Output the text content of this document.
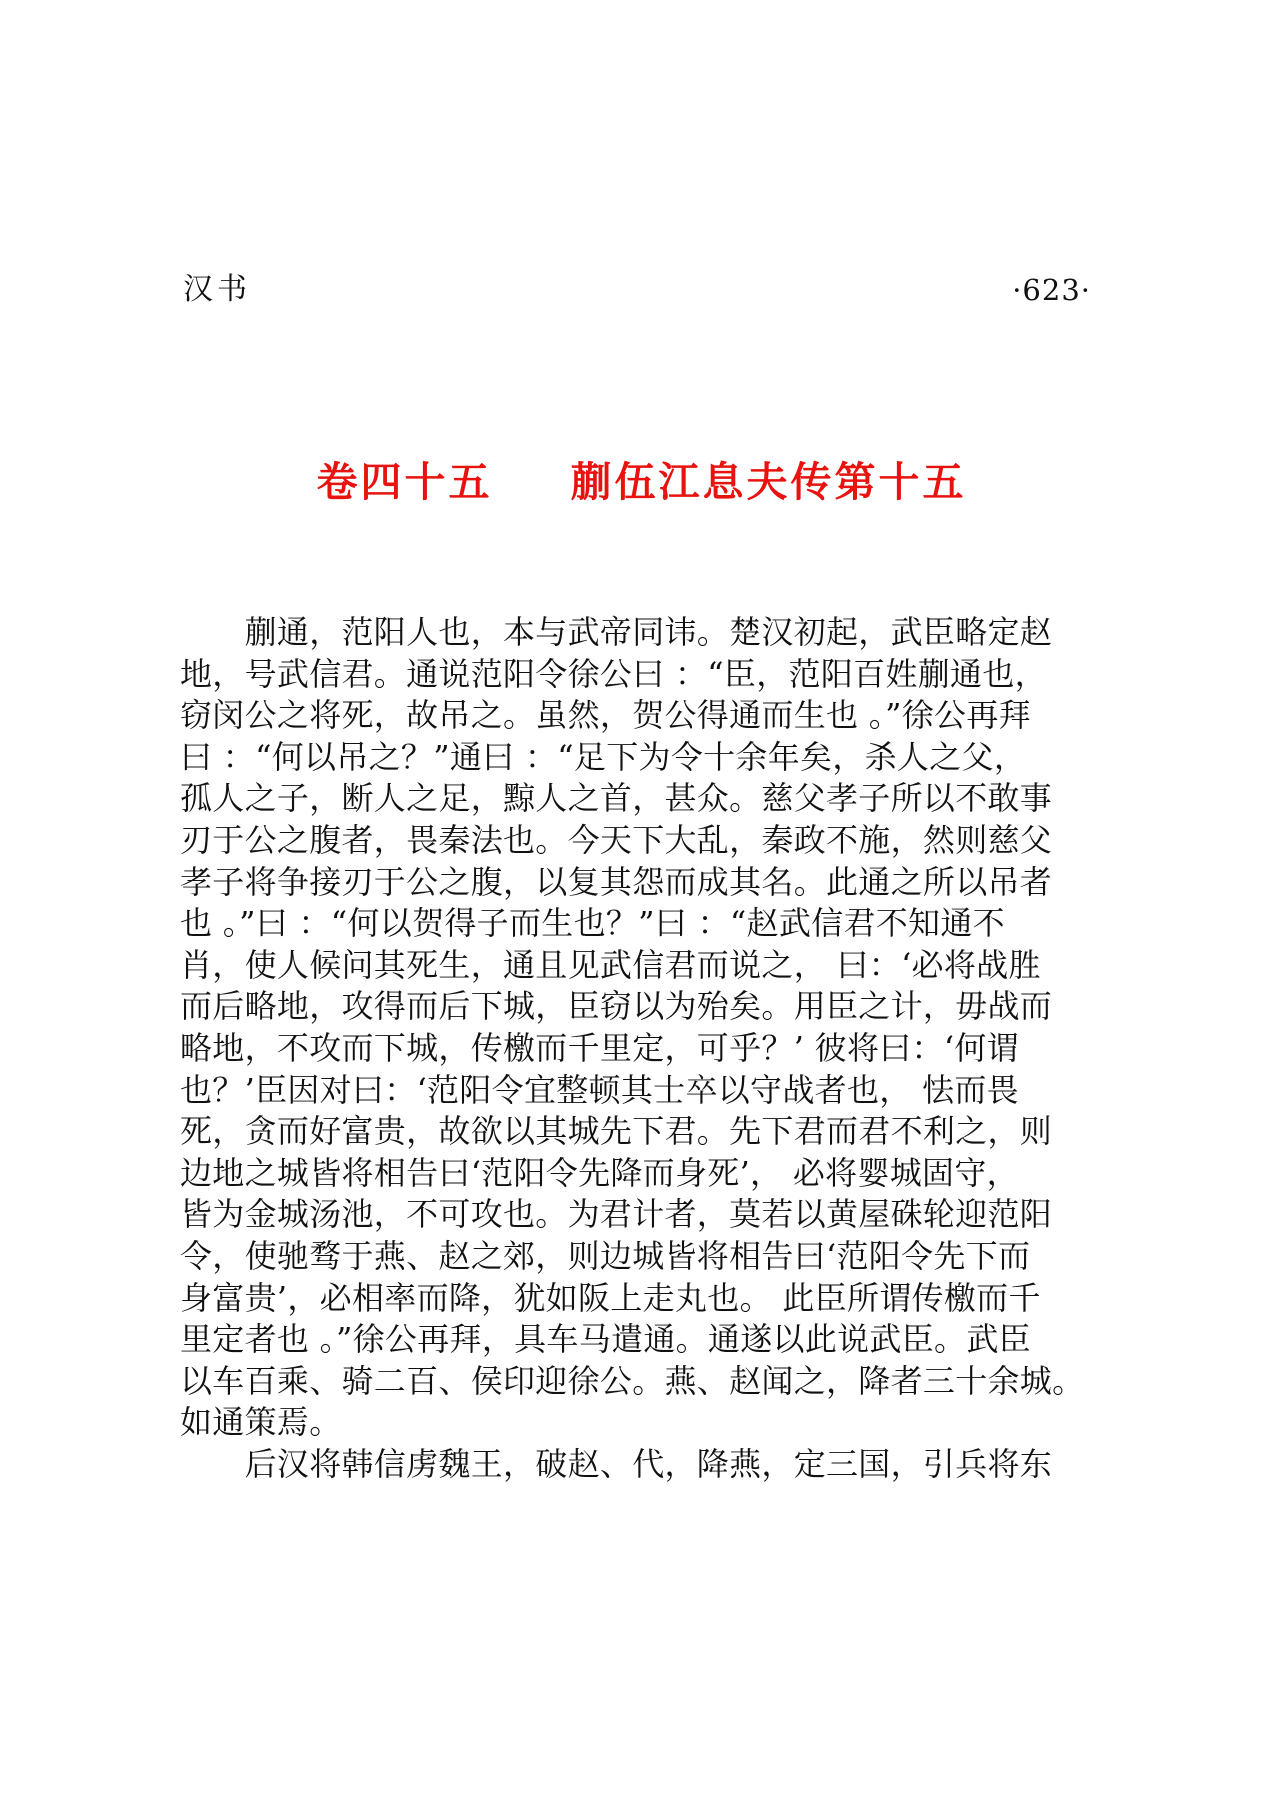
汉书	·623·
卷四十五 蒯伍江息夫传第十五
　　蒯通，范阳人也，本与武帝同讳。楚汉初起，武臣略定赵
地，号武信君。通说范阳令徐公曰 ：“臣，范阳百姓蒯通也，
窃闵公之将死，故吊之。虽然，贺公得通而生也 。”徐公再拜
曰 ：“何以吊之？”通曰 ：“足下为令十余年矣，杀人之父，
孤人之子，断人之足，黥人之首，甚众。慈父孝子所以不敢事
刃于公之腹者，畏秦法也。今天下大乱，秦政不施，然则慈父
孝子将争接刃于公之腹，以复其怨而成其名。此通之所以吊者
也 。”曰 ：“何以贺得子而生也？”曰 ：“赵武信君不知通不
肖，使人候问其死生，通且见武信君而说之， 曰：‘必将战胜
而后略地，攻得而后下城，臣窃以为殆矣。用臣之计，毋战而
略地，不攻而下城，传檄而千里定，可乎？’ 彼将曰：‘何谓
也？’臣因对曰：‘范阳令宜整顿其士卒以守战者也， 怯而畏
死，贪而好富贵，故欲以其城先下君。先下君而君不利之，则
边地之城皆将相告曰‘范阳令先降而身死’， 必将婴城固守，
皆为金城汤池，不可攻也。为君计者，莫若以黄屋硃轮迎范阳
令，使驰骛于燕、赵之郊，则边城皆将相告曰‘范阳令先下而
身富贵’，必相率而降，犹如阪上走丸也。 此臣所谓传檄而千
里定者也 。”徐公再拜，具车马遣通。通遂以此说武臣。武臣
以车百乘、骑二百、侯印迎徐公。燕、赵闻之，降者三十余城。
如通策焉。
　　后汉将韩信虏魏王，破赵、代，降燕，定三国，引兵将东
